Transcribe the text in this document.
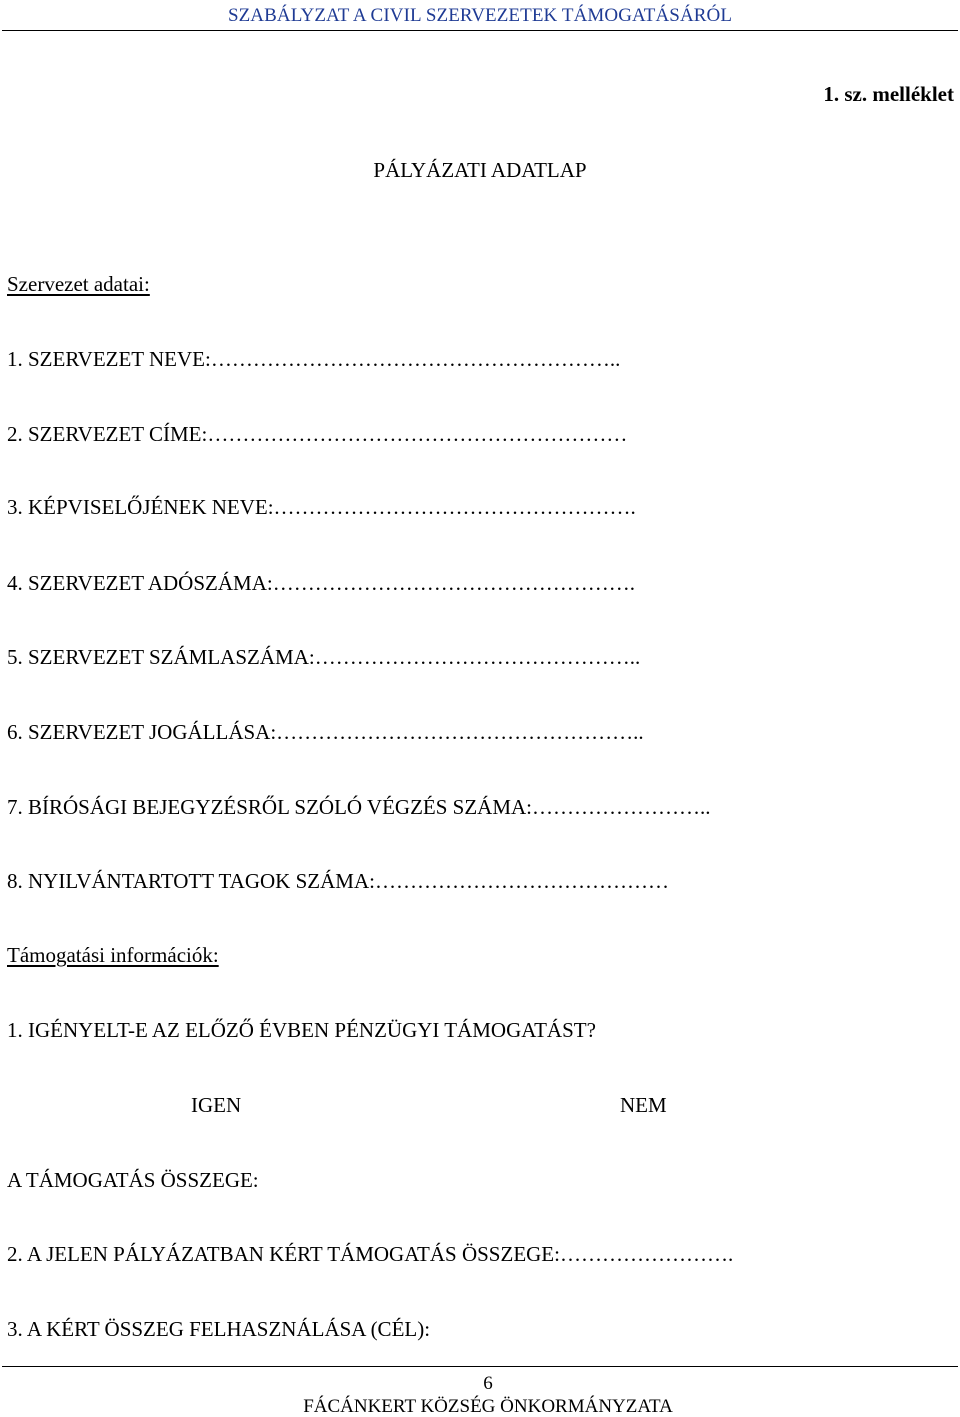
SZABÁLYZAT A CIVIL SZERVEZETEK TÁMOGATÁSÁRÓL
1. sz. melléklet
PÁLYÁZATI ADATLAP
Szervezet adatai:
1. SZERVEZET NEVE:…………………………………………………..
2. SZERVEZET CÍME:……………………………………………………
3. KÉPVISELŐJÉNEK NEVE:…………………………………………….
4. SZERVEZET ADÓSZÁMA:…………………………………………….
5. SZERVEZET SZÁMLASZÁMA:………………………………………..
6. SZERVEZET JOGÁLLÁSA:……………………………………………..
7. BÍRÓSÁGI BEJEGYZÉSRŐL SZÓLÓ VÉGZÉS SZÁMA:……………………..
8. NYILVÁNTARTOTT TAGOK SZÁMA:……………………………………
Támogatási információk:
1. IGÉNYELT-E AZ ELŐZŐ ÉVBEN PÉNZÜGYI TÁMOGATÁST?
IGEN	NEM
A TÁMOGATÁS ÖSSZEGE:
2. A JELEN PÁLYÁZATBAN KÉRT TÁMOGATÁS ÖSSZEGE:…………………….
3. A KÉRT ÖSSZEG FELHASZNÁLÁSA (CÉL):
6
FÁCÁNKERT KÖZSÉG ÖNKORMÁNYZATA
